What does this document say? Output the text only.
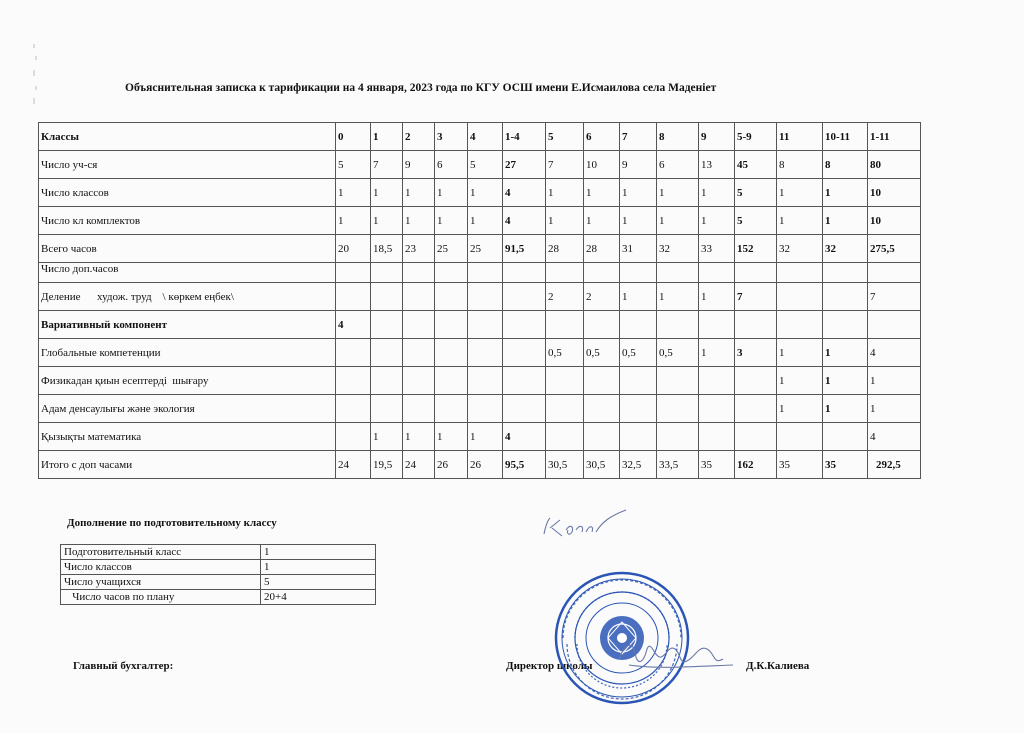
Объяснительная записка к тарификации на 4 января, 2023 года по КГУ ОСШ имени Е.Исмаилова села Маденiет
Классы	0	1	2	3	4	1-4	5	6	7	8	9	5-9	11	10-11	1-11
Число уч-ся	5	7	9	6	5	27	7	10	9	6	13	45	8	8	80
Число классов	1	1	1	1	1	4	1	1	1	1	1	5	1	1	10
Число кл комплектов	1	1	1	1	1	4	1	1	1	1	1	5	1	1	10
Всего часов	20	18,5	23	25	25	91,5	28	28	31	32	33	152	32	32	275,5
Число доп.часов															
Деление      худож. труд    \ көркем еңбек\							2	2	1	1	1	7			7
Вариативный компонент	4														
Глобальные компетенции							0,5	0,5	0,5	0,5	1	3	1	1	4
Физикадан қиын есептерді  шығару													1	1	1
Адам денсаулығы және экология													1	1	1
Қызықты математика		1	1	1	1	4									4
Итого с доп часами	24	19,5	24	26	26	95,5	30,5	30,5	32,5	33,5	35	162	35	35	292,5
Дополнение по подготовительному классу
Подготовительный класс	1
Число классов	1
Число учащихся	5
Число часов по плану	20+4
Главный бухгалтер:	Директор школы	Д.К.Калиева
